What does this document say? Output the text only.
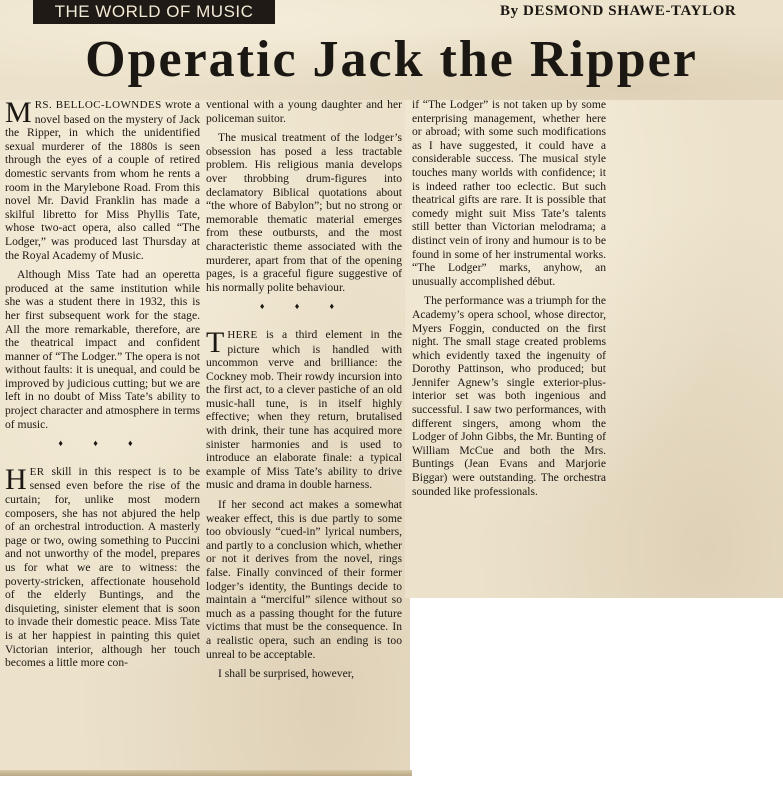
THE WORLD OF MUSIC	By DESMOND SHAWE-TAYLOR
Operatic Jack the Ripper

MRS. BELLOC-LOWNDES wrote a novel based on the mystery of Jack the Ripper, in which the unidentified sexual murderer of the 1880s is seen through the eyes of a couple of retired domestic servants from whom he rents a room in the Marylebone Road. From this novel Mr. David Franklin has made a skilful libretto for Miss Phyllis Tate, whose two-act opera, also called “The Lodger,” was produced last Thursday at the Royal Academy of Music.

Although Miss Tate had an operetta produced at the same institution while she was a student there in 1932, this is her first subsequent work for the stage. All the more remarkable, therefore, are the theatrical impact and confident manner of “The Lodger.” The opera is not without faults: it is unequal, and could be improved by judicious cutting; but we are left in no doubt of Miss Tate’s ability to project character and atmosphere in terms of music.

♦ ♦ ♦

HER skill in this respect is to be sensed even before the rise of the curtain; for, unlike most modern composers, she has not abjured the help of an orchestral introduction. A masterly page or two, owing something to Puccini and not unworthy of the model, prepares us for what we are to witness: the poverty-stricken, affectionate household of the elderly Buntings, and the disquieting, sinister element that is soon to invade their domestic peace. Miss Tate is at her happiest in painting this quiet Victorian interior, although her touch becomes a little more con-

ventional with a young daughter and her policeman suitor.

The musical treatment of the lodger’s obsession has posed a less tractable problem. His religious mania develops over throbbing drum-figures into declamatory Biblical quotations about “the whore of Babylon”; but no strong or memorable thematic material emerges from these outbursts, and the most characteristic theme associated with the murderer, apart from that of the opening pages, is a graceful figure suggestive of his normally polite behaviour.

♦ ♦ ♦

THERE is a third element in the picture which is handled with uncommon verve and brilliance: the Cockney mob. Their rowdy incursion into the first act, to a clever pastiche of an old music-hall tune, is in itself highly effective; when they return, brutalised with drink, their tune has acquired more sinister harmonies and is used to introduce an elaborate finale: a typical example of Miss Tate’s ability to drive music and drama in double harness.

If her second act makes a somewhat weaker effect, this is due partly to some too obviously “cued-in” lyrical numbers, and partly to a conclusion which, whether or not it derives from the novel, rings false. Finally convinced of their former lodger’s identity, the Buntings decide to maintain a “merciful” silence without so much as a passing thought for the future victims that must be the consequence. In a realistic opera, such an ending is too unreal to be acceptable.

I shall be surprised, however,

if “The Lodger” is not taken up by some enterprising management, whether here or abroad; with some such modifications as I have suggested, it could have a considerable success. The musical style touches many worlds with confidence; it is indeed rather too eclectic. But such theatrical gifts are rare. It is possible that comedy might suit Miss Tate’s talents still better than Victorian melodrama; a distinct vein of irony and humour is to be found in some of her instrumental works. “The Lodger” marks, anyhow, an unusually accomplished début.

The performance was a triumph for the Academy’s opera school, whose director, Myers Foggin, conducted on the first night. The small stage created problems which evidently taxed the ingenuity of Dorothy Pattinson, who produced; but Jennifer Agnew’s single exterior-plus-interior set was both ingenious and successful. I saw two performances, with different singers, among whom the Lodger of John Gibbs, the Mr. Bunting of William McCue and both the Mrs. Buntings (Jean Evans and Marjorie Biggar) were outstanding. The orchestra sounded like professionals.
